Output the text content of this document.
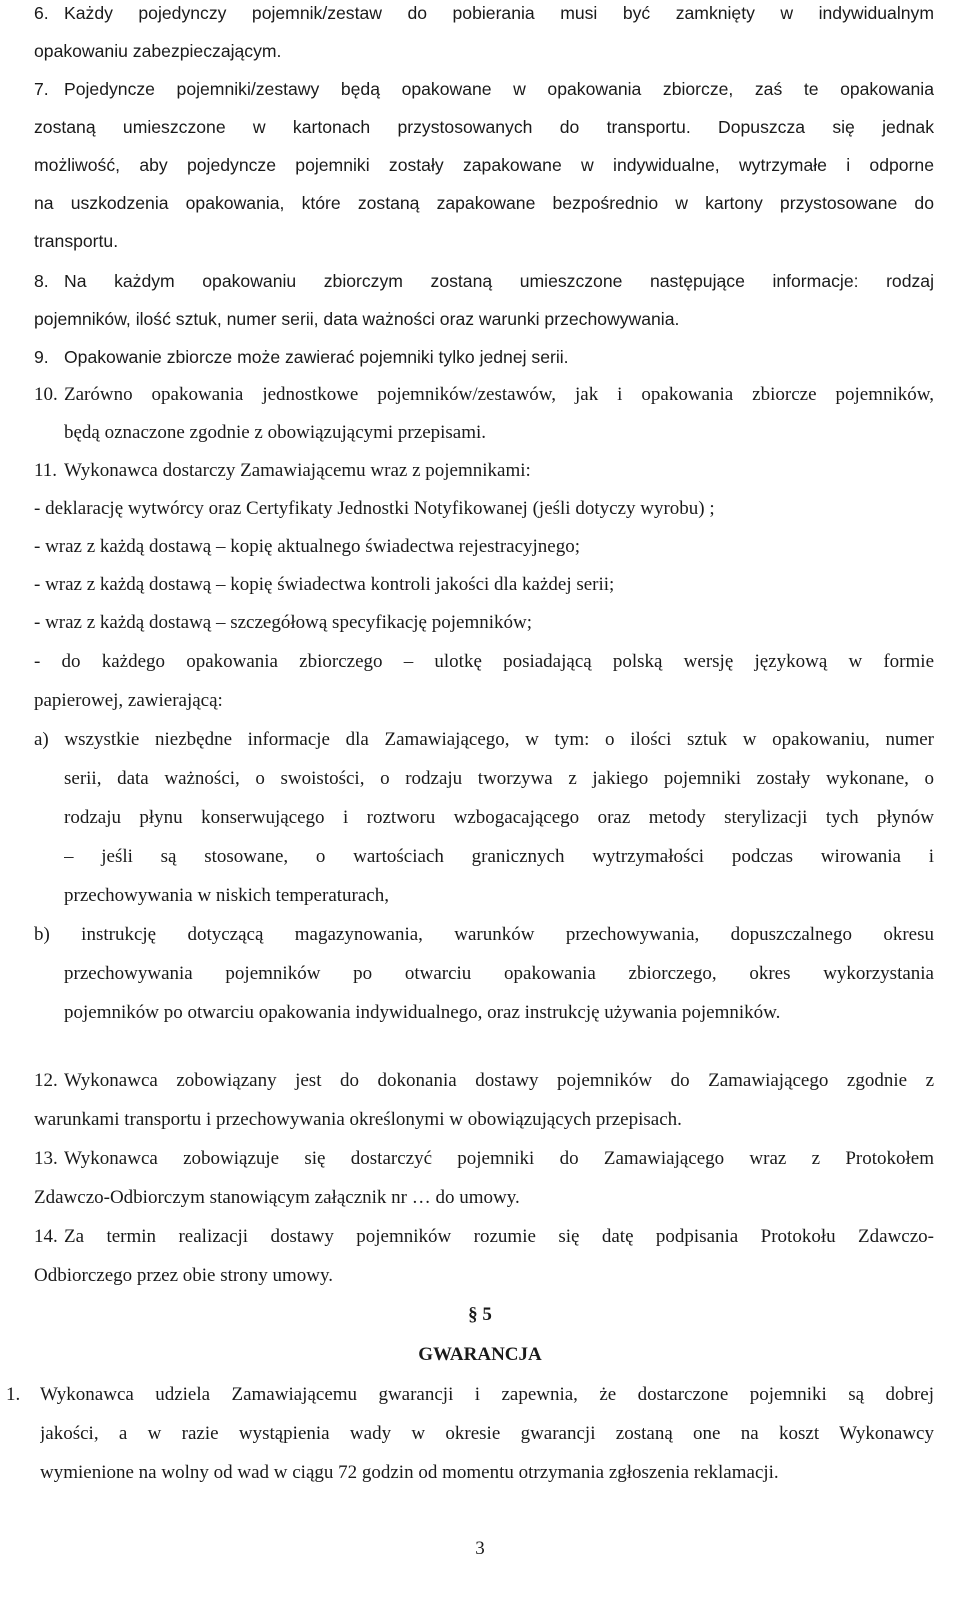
6. Każdy pojedynczy pojemnik/zestaw do pobierania musi być zamknięty w indywidualnym
opakowaniu zabezpieczającym.
7. Pojedyncze pojemniki/zestawy będą opakowane w opakowania zbiorcze, zaś te opakowania
zostaną umieszczone w kartonach przystosowanych do transportu. Dopuszcza się jednak
możliwość, aby pojedyncze pojemniki zostały zapakowane w indywidualne, wytrzymałe i odporne
na uszkodzenia opakowania, które zostaną zapakowane bezpośrednio w kartony przystosowane do
transportu.
8. Na każdym opakowaniu zbiorczym zostaną umieszczone następujące informacje: rodzaj
pojemników, ilość sztuk, numer serii, data ważności oraz warunki przechowywania.
9. Opakowanie zbiorcze może zawierać pojemniki tylko jednej serii.
10. Zarówno opakowania jednostkowe pojemników/zestawów, jak i opakowania zbiorcze pojemników,
będą oznaczone zgodnie z obowiązującymi przepisami.
11. Wykonawca dostarczy Zamawiającemu wraz z pojemnikami:
- deklarację wytwórcy oraz Certyfikaty Jednostki Notyfikowanej (jeśli dotyczy wyrobu) ;
- wraz z każdą dostawą – kopię aktualnego świadectwa rejestracyjnego;
- wraz z każdą dostawą – kopię świadectwa kontroli jakości dla każdej serii;
- wraz z każdą dostawą – szczegółową specyfikację pojemników;
- do każdego opakowania zbiorczego – ulotkę posiadającą polską wersję językową w formie
papierowej, zawierającą:
a) wszystkie niezbędne informacje dla Zamawiającego, w tym: o ilości sztuk w opakowaniu, numer
serii, data ważności, o swoistości, o rodzaju tworzywa z jakiego pojemniki zostały wykonane, o
rodzaju płynu konserwującego i roztworu wzbogacającego oraz metody sterylizacji tych płynów
– jeśli są stosowane, o wartościach granicznych wytrzymałości podczas wirowania i
przechowywania w niskich temperaturach,
b) instrukcję dotyczącą magazynowania, warunków przechowywania, dopuszczalnego okresu
przechowywania pojemników po otwarciu opakowania zbiorczego, okres wykorzystania
pojemników po otwarciu opakowania indywidualnego, oraz instrukcję używania pojemników.
12. Wykonawca zobowiązany jest do dokonania dostawy pojemników do Zamawiającego zgodnie z
warunkami transportu i przechowywania określonymi w obowiązujących przepisach.
13. Wykonawca zobowiązuje się dostarczyć pojemniki do Zamawiającego wraz z Protokołem
Zdawczo-Odbiorczym stanowiącym załącznik nr … do umowy.
14. Za termin realizacji dostawy pojemników rozumie się datę podpisania Protokołu Zdawczo-
Odbiorczego przez obie strony umowy.
§ 5
GWARANCJA
1. Wykonawca udziela Zamawiającemu gwarancji i zapewnia, że dostarczone pojemniki są dobrej
jakości, a w razie wystąpienia wady w okresie gwarancji zostaną one na koszt Wykonawcy
wymienione na wolny od wad w ciągu 72 godzin od momentu otrzymania zgłoszenia reklamacji.
3
